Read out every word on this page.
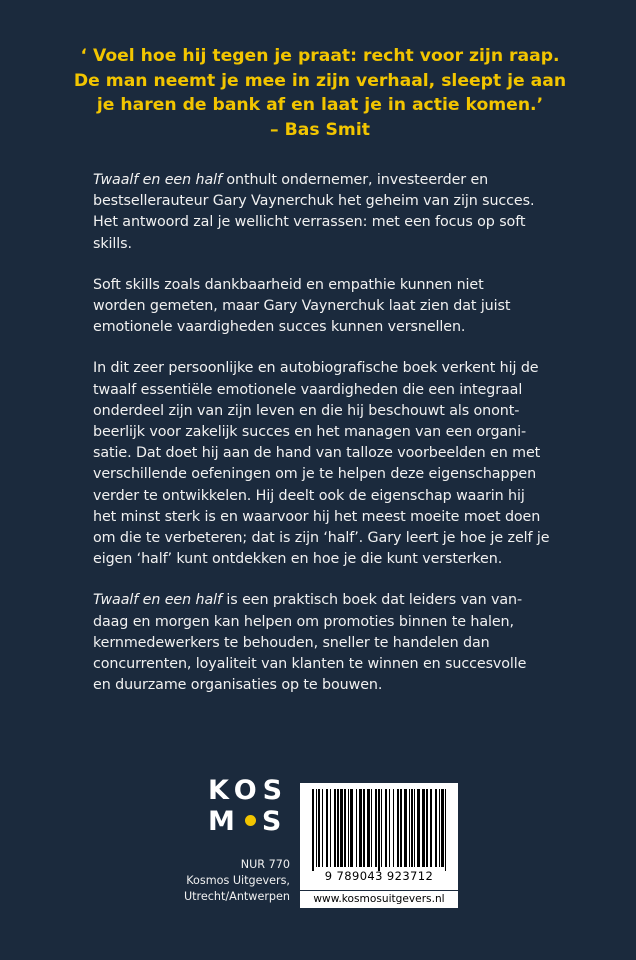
‘ Voel hoe hij tegen je praat: recht voor zijn raap.
De man neemt je mee in zijn verhaal, sleept je aan
je haren de bank af en laat je in actie komen.’
– Bas Smit

Twaalf en een half onthult ondernemer, investeerder en
bestsellerauteur Gary Vaynerchuk het geheim van zijn succes.
Het antwoord zal je wellicht verrassen: met een focus op soft
skills.

Soft skills zoals dankbaarheid en empathie kunnen niet
worden gemeten, maar Gary Vaynerchuk laat zien dat juist
emotionele vaardigheden succes kunnen versnellen.

In dit zeer persoonlijke en autobiografische boek verkent hij de
twaalf essentiële emotionele vaardigheden die een integraal
onderdeel zijn van zijn leven en die hij beschouwt als onont-
beerlijk voor zakelijk succes en het managen van een organi-
satie. Dat doet hij aan de hand van talloze voorbeelden en met
verschillende oefeningen om je te helpen deze eigenschappen
verder te ontwikkelen. Hij deelt ook de eigenschap waarin hij
het minst sterk is en waarvoor hij het meest moeite moet doen
om die te verbeteren; dat is zijn ‘half’. Gary leert je hoe je zelf je
eigen ‘half’ kunt ontdekken en hoe je die kunt versterken.

Twaalf en een half is een praktisch boek dat leiders van van-
daag en morgen kan helpen om promoties binnen te halen,
kernmedewerkers te behouden, sneller te handelen dan
concurrenten, loyaliteit van klanten te winnen en succesvolle
en duurzame organisaties op te bouwen.

KOS
M S
NUR 770
Kosmos Uitgevers,
Utrecht/Antwerpen
9 789043 923712
www.kosmosuitgevers.nl
